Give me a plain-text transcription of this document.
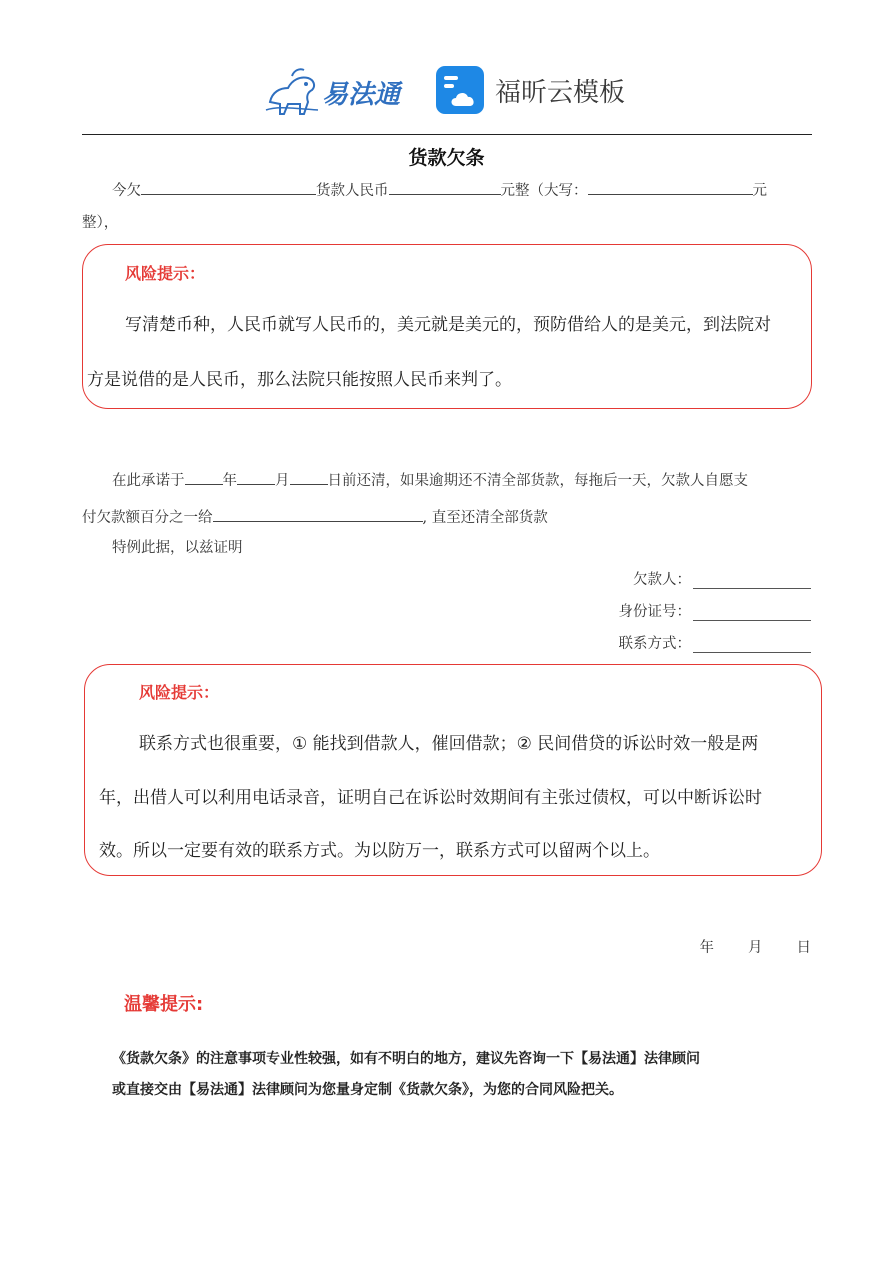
易法通	福昕云模板
货款欠条
今欠	货款人民币	元整（大写：	元
整），
风险提示：
写清楚币种，人民币就写人民币的，美元就是美元的，预防借给人的是美元，到法院对
方是说借的是人民币，那么法院只能按照人民币来判了。
在此承诺于	年	月	日前还清，如果逾期还不清全部货款，每拖后一天，欠款人自愿支
付欠款额百分之一给	, 直至还清全部货款
特例此据，以兹证明
欠款人：
身份证号：
联系方式：
风险提示：
联系方式也很重要，① 能找到借款人，催回借款；② 民间借贷的诉讼时效一般是两
年，出借人可以利用电话录音，证明自己在诉讼时效期间有主张过债权，可以中断诉讼时
效。所以一定要有效的联系方式。为以防万一，联系方式可以留两个以上。
年 月 日
温馨提示:
《货款欠条》的注意事项专业性较强，如有不明白的地方，建议先咨询一下【易法通】法律顾问
或直接交由【易法通】法律顾问为您量身定制《货款欠条》，为您的合同风险把关。
